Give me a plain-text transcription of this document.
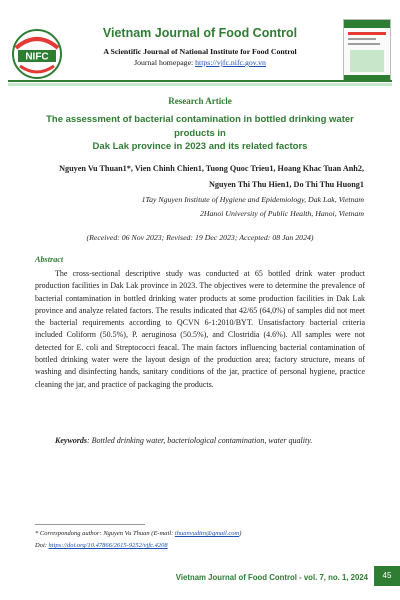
NIFC
Vietnam Journal of Food Control
A Scientific Journal of National Institute for Food Control
Journal homepage: https://vjfc.nifc.gov.vn
Research Article
The assessment of bacterial contamination in bottled drinking water products in
Dak Lak province in 2023 and its related factors
Nguyen Vu Thuan1*, Vien Chinh Chien1, Tuong Quoc Trieu1, Hoang Khac Tuan Anh2,
Nguyen Thi Thu Hien1, Do Thi Thu Huong1
1Tay Nguyen Institute of Hygiene and Epidemiology, Dak Lak, Vietnam
2Hanoi University of Public Health, Hanoi, Vietnam
(Received: 06 Nov 2023; Revised: 19 Dec 2023; Accepted: 08 Jan 2024)
Abstract
The cross-sectional descriptive study was conducted at 65 bottled drink water product production facilities in Dak Lak province in 2023. The objectives were to determine the prevalence of bacterial contamination in bottled drinking water products at some production facilities in Dak Lak province and analyze related factors. The results indicated that 42/65 (64,0%) of samples did not meet the bacterial requirements according to QCVN 6-1:2010/BYT. Unsatisfactory bacterial criteria included Coliform (50.5%), P. aeruginosa (50.5%), and Clostridia (4.6%). All samples were not detected for E. coli and Streptococci feacal. The main factors influencing bacterial contamination of bottled drinking water were the layout design of the production area; factory structure, means of washing and disinfecting hands, sanitary conditions of the jar, practice of personal hygiene, practice cleaning the jar, and practice of packaging the products.
Keywords: Bottled drinking water, bacteriological contamination, water quality.
* Correspondong author: Nguyen Vu Thuan (E-mail: thuanvudttn@gmail.com)
Doi: https://doi.org/10.47866/2615-9252/vjfc.4208
Vietnam Journal of Food Control - vol. 7, no. 1, 2024	45
